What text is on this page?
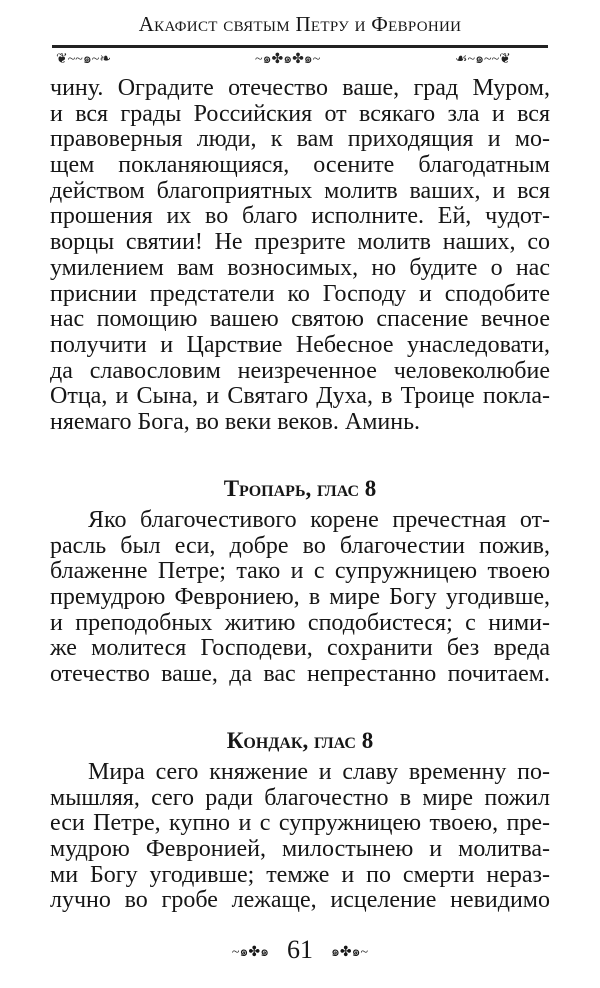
Акафист святым Петру и Февронии
❦~~๑~❧	~๑✤๑✤๑~	☙~๑~~❦
чину. Оградите отечество ваше, град Муром,
и вся грады Российския от всякаго зла и вся
правоверныя люди, к вам приходящия и мо-
щем покланяющияся, осените благодатным
действом благоприятных молитв ваших, и вся
прошения их во благо исполните. Ей, чудот-
ворцы святии! Не презрите молитв наших, со
умилением вам возносимых, но будите о нас
приснии предстатели ко Господу и сподобите
нас помощию вашею святою спасение вечное
получити и Царствие Небесное унаследовати,
да славословим неизреченное человеколюбие
Отца, и Сына, и Святаго Духа, в Троице покла-
няемаго Бога, во веки веков. Аминь.
Тропарь, глас 8
Яко благочестивого корене пречестная от-
расль был еси, добре во благочестии пожив,
блаженне Петре; тако и с супружницею твоею
премудрою Феврониею, в мире Богу угодивше,
и преподобных житию сподобистеся; с ними-
же молитеся Господеви, сохранити без вреда
отечество ваше, да вас непрестанно почитаем.
Кондак, глас 8
Мира сего княжение и славу временну по-
мышляя, сего ради благочестно в мире пожил
еси Петре, купно и с супружницею твоею, пре-
мудрою Февронией, милостынею и молитва-
ми Богу угодивше; темже и по смерти нераз-
лучно во гробе лежаще, исцеление невидимо
~๑✤๑ 61 ๑✤๑~
